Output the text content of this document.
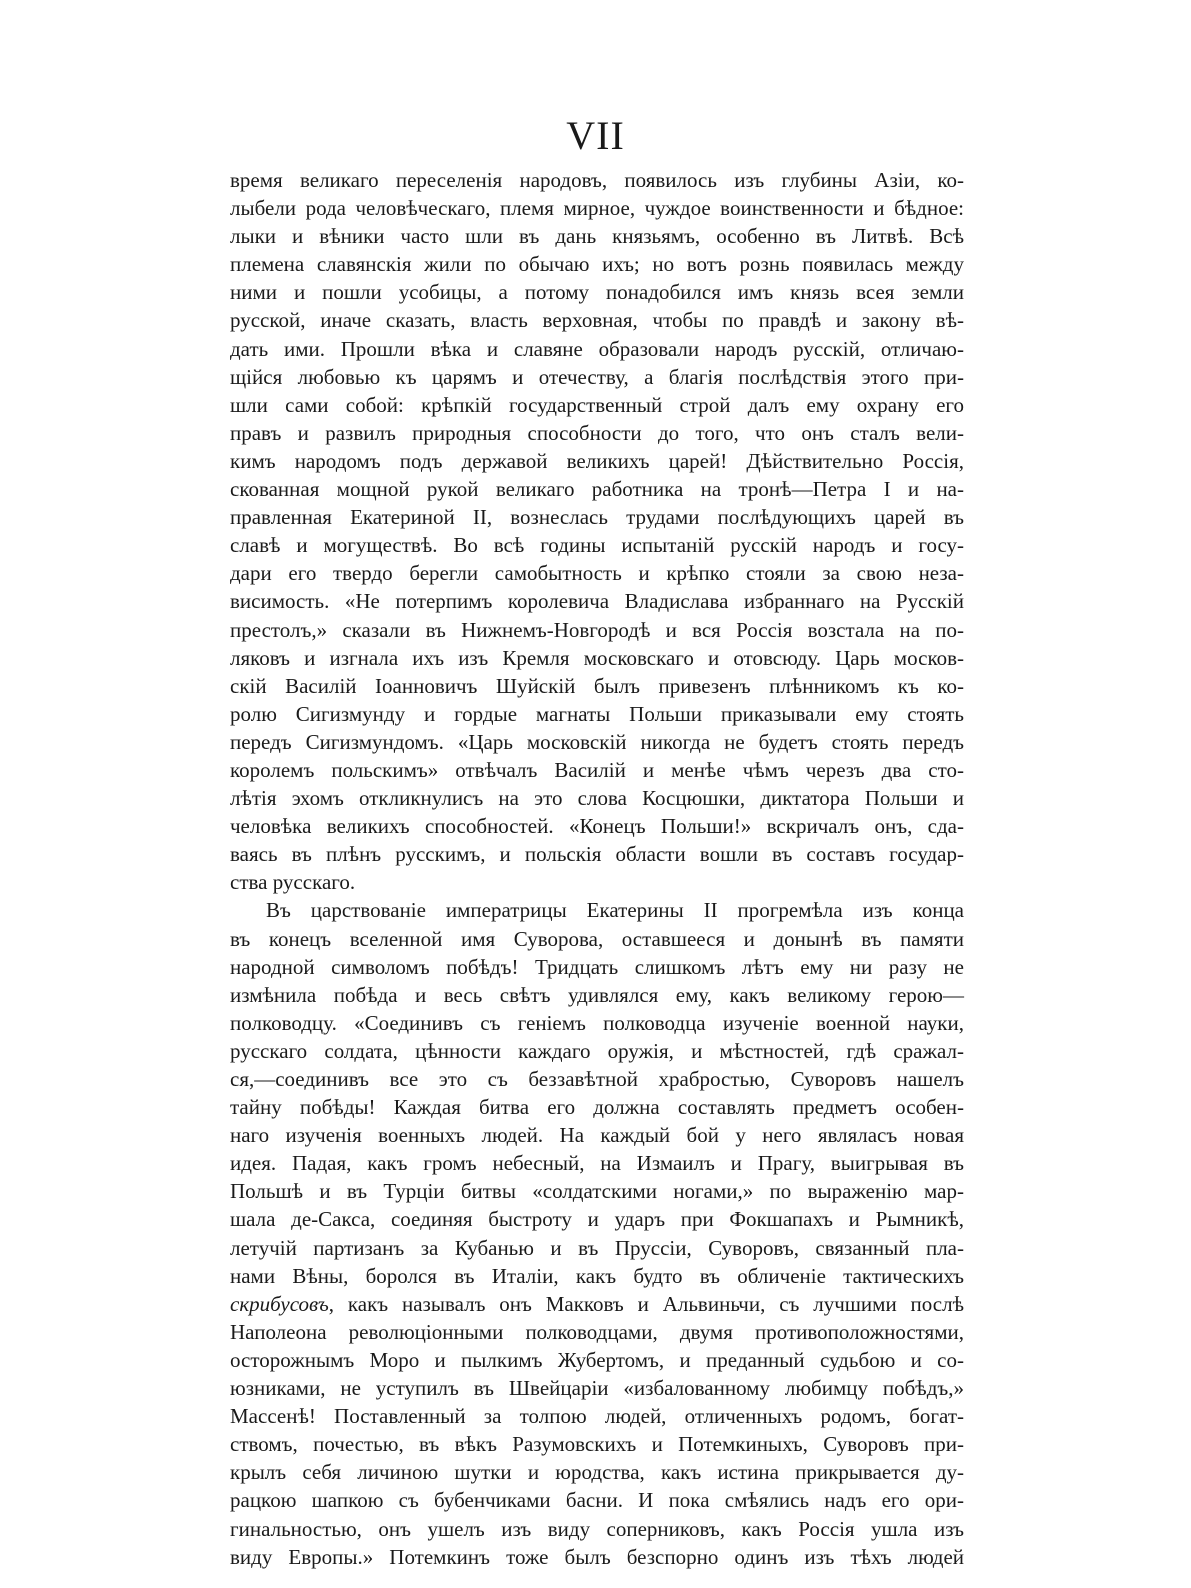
VII
время великаго переселенія народовъ, появилось изъ глубины Азіи, ко-
лыбели рода человѣческаго, племя мирное, чуждое воинственности и бѣдное:
лыки и вѣники часто шли въ дань князьямъ, особенно въ Литвѣ. Всѣ
племена славянскія жили по обычаю ихъ; но вотъ рознь появилась между
ними и пошли усобицы, а потому понадобился имъ князь всея земли
русской, иначе сказать, власть верховная, чтобы по правдѣ и закону вѣ-
дать ими. Прошли вѣка и славяне образовали народъ русскій, отличаю-
щійся любовью къ царямъ и отечеству, а благія послѣдствія этого при-
шли сами собой: крѣпкій государственный строй далъ ему охрану его
правъ и развилъ природныя способности до того, что онъ сталъ вели-
кимъ народомъ подъ державой великихъ царей! Дѣйствительно Россія,
скованная мощной рукой великаго работника на тронѣ—Петра I и на-
правленная Екатериной II, вознеслась трудами послѣдующихъ царей въ
славѣ и могуществѣ. Во всѣ годины испытаній русскій народъ и госу-
дари его твердо берегли самобытность и крѣпко стояли за свою неза-
висимость. «Не потерпимъ королевича Владислава избраннаго на Русскій
престолъ,» сказали въ Нижнемъ-Новгородѣ и вся Россія возстала на по-
ляковъ и изгнала ихъ изъ Кремля московскаго и отовсюду. Царь москов-
скій Василій Іоанновичъ Шуйскій былъ привезенъ плѣнникомъ къ ко-
ролю Сигизмунду и гордые магнаты Польши приказывали ему стоять
передъ Сигизмундомъ. «Царь московскій никогда не будетъ стоять передъ
королемъ польскимъ» отвѣчалъ Василій и менѣе чѣмъ черезъ два сто-
лѣтія эхомъ откликнулисъ на это слова Косцюшки, диктатора Польши и
человѣка великихъ способностей. «Конецъ Польши!» вскричалъ онъ, сда-
ваясь въ плѣнъ русскимъ, и польскія области вошли въ составъ государ-
ства русскаго.
Въ царствованіе императрицы Екатерины II прогремѣла изъ конца
въ конецъ вселенной имя Суворова, оставшееся и донынѣ въ памяти
народной символомъ побѣдъ! Тридцать слишкомъ лѣтъ ему ни разу не
измѣнила побѣда и весь свѣтъ удивлялся ему, какъ великому герою—
полководцу. «Соединивъ съ геніемъ полководца изученіе военной науки,
русскаго солдата, цѣнности каждаго оружія, и мѣстностей, гдѣ сражал-
ся,—соединивъ все это съ беззавѣтной храбростью, Суворовъ нашелъ
тайну побѣды! Каждая битва его должна составлять предметъ особен-
наго изученія военныхъ людей. На каждый бой у него являласъ новая
идея. Падая, какъ громъ небесный, на Измаилъ и Прагу, выигрывая въ
Польшѣ и въ Турціи битвы «солдатскими ногами,» по выраженію мар-
шала де-Сакса, соединяя быстроту и ударъ при Фокшапахъ и Рымникѣ,
летучій партизанъ за Кубанью и въ Пруссіи, Суворовъ, связанный пла-
нами Вѣны, боролся въ Италіи, какъ будто въ обличеніе тактическихъ
скрибусовъ, какъ называлъ онъ Макковъ и Альвиньчи, съ лучшими послѣ
Наполеона революціонными полководцами, двумя противоположностями,
осторожнымъ Моро и пылкимъ Жубертомъ, и преданный судьбою и со-
юзниками, не уступилъ въ Швейцаріи «избалованному любимцу побѣдъ,»
Массенѣ! Поставленный за толпою людей, отличенныхъ родомъ, богат-
ствомъ, почестью, въ вѣкъ Разумовскихъ и Потемкиныхъ, Суворовъ при-
крылъ себя личиною шутки и юродства, какъ истина прикрывается ду-
рацкою шапкою съ бубенчиками басни. И пока смѣялись надъ его ори-
гинальностью, онъ ушелъ изъ виду соперниковъ, какъ Россія ушла изъ
виду Европы.» Потемкинъ тоже былъ безспорно одинъ изъ тѣхъ людей
